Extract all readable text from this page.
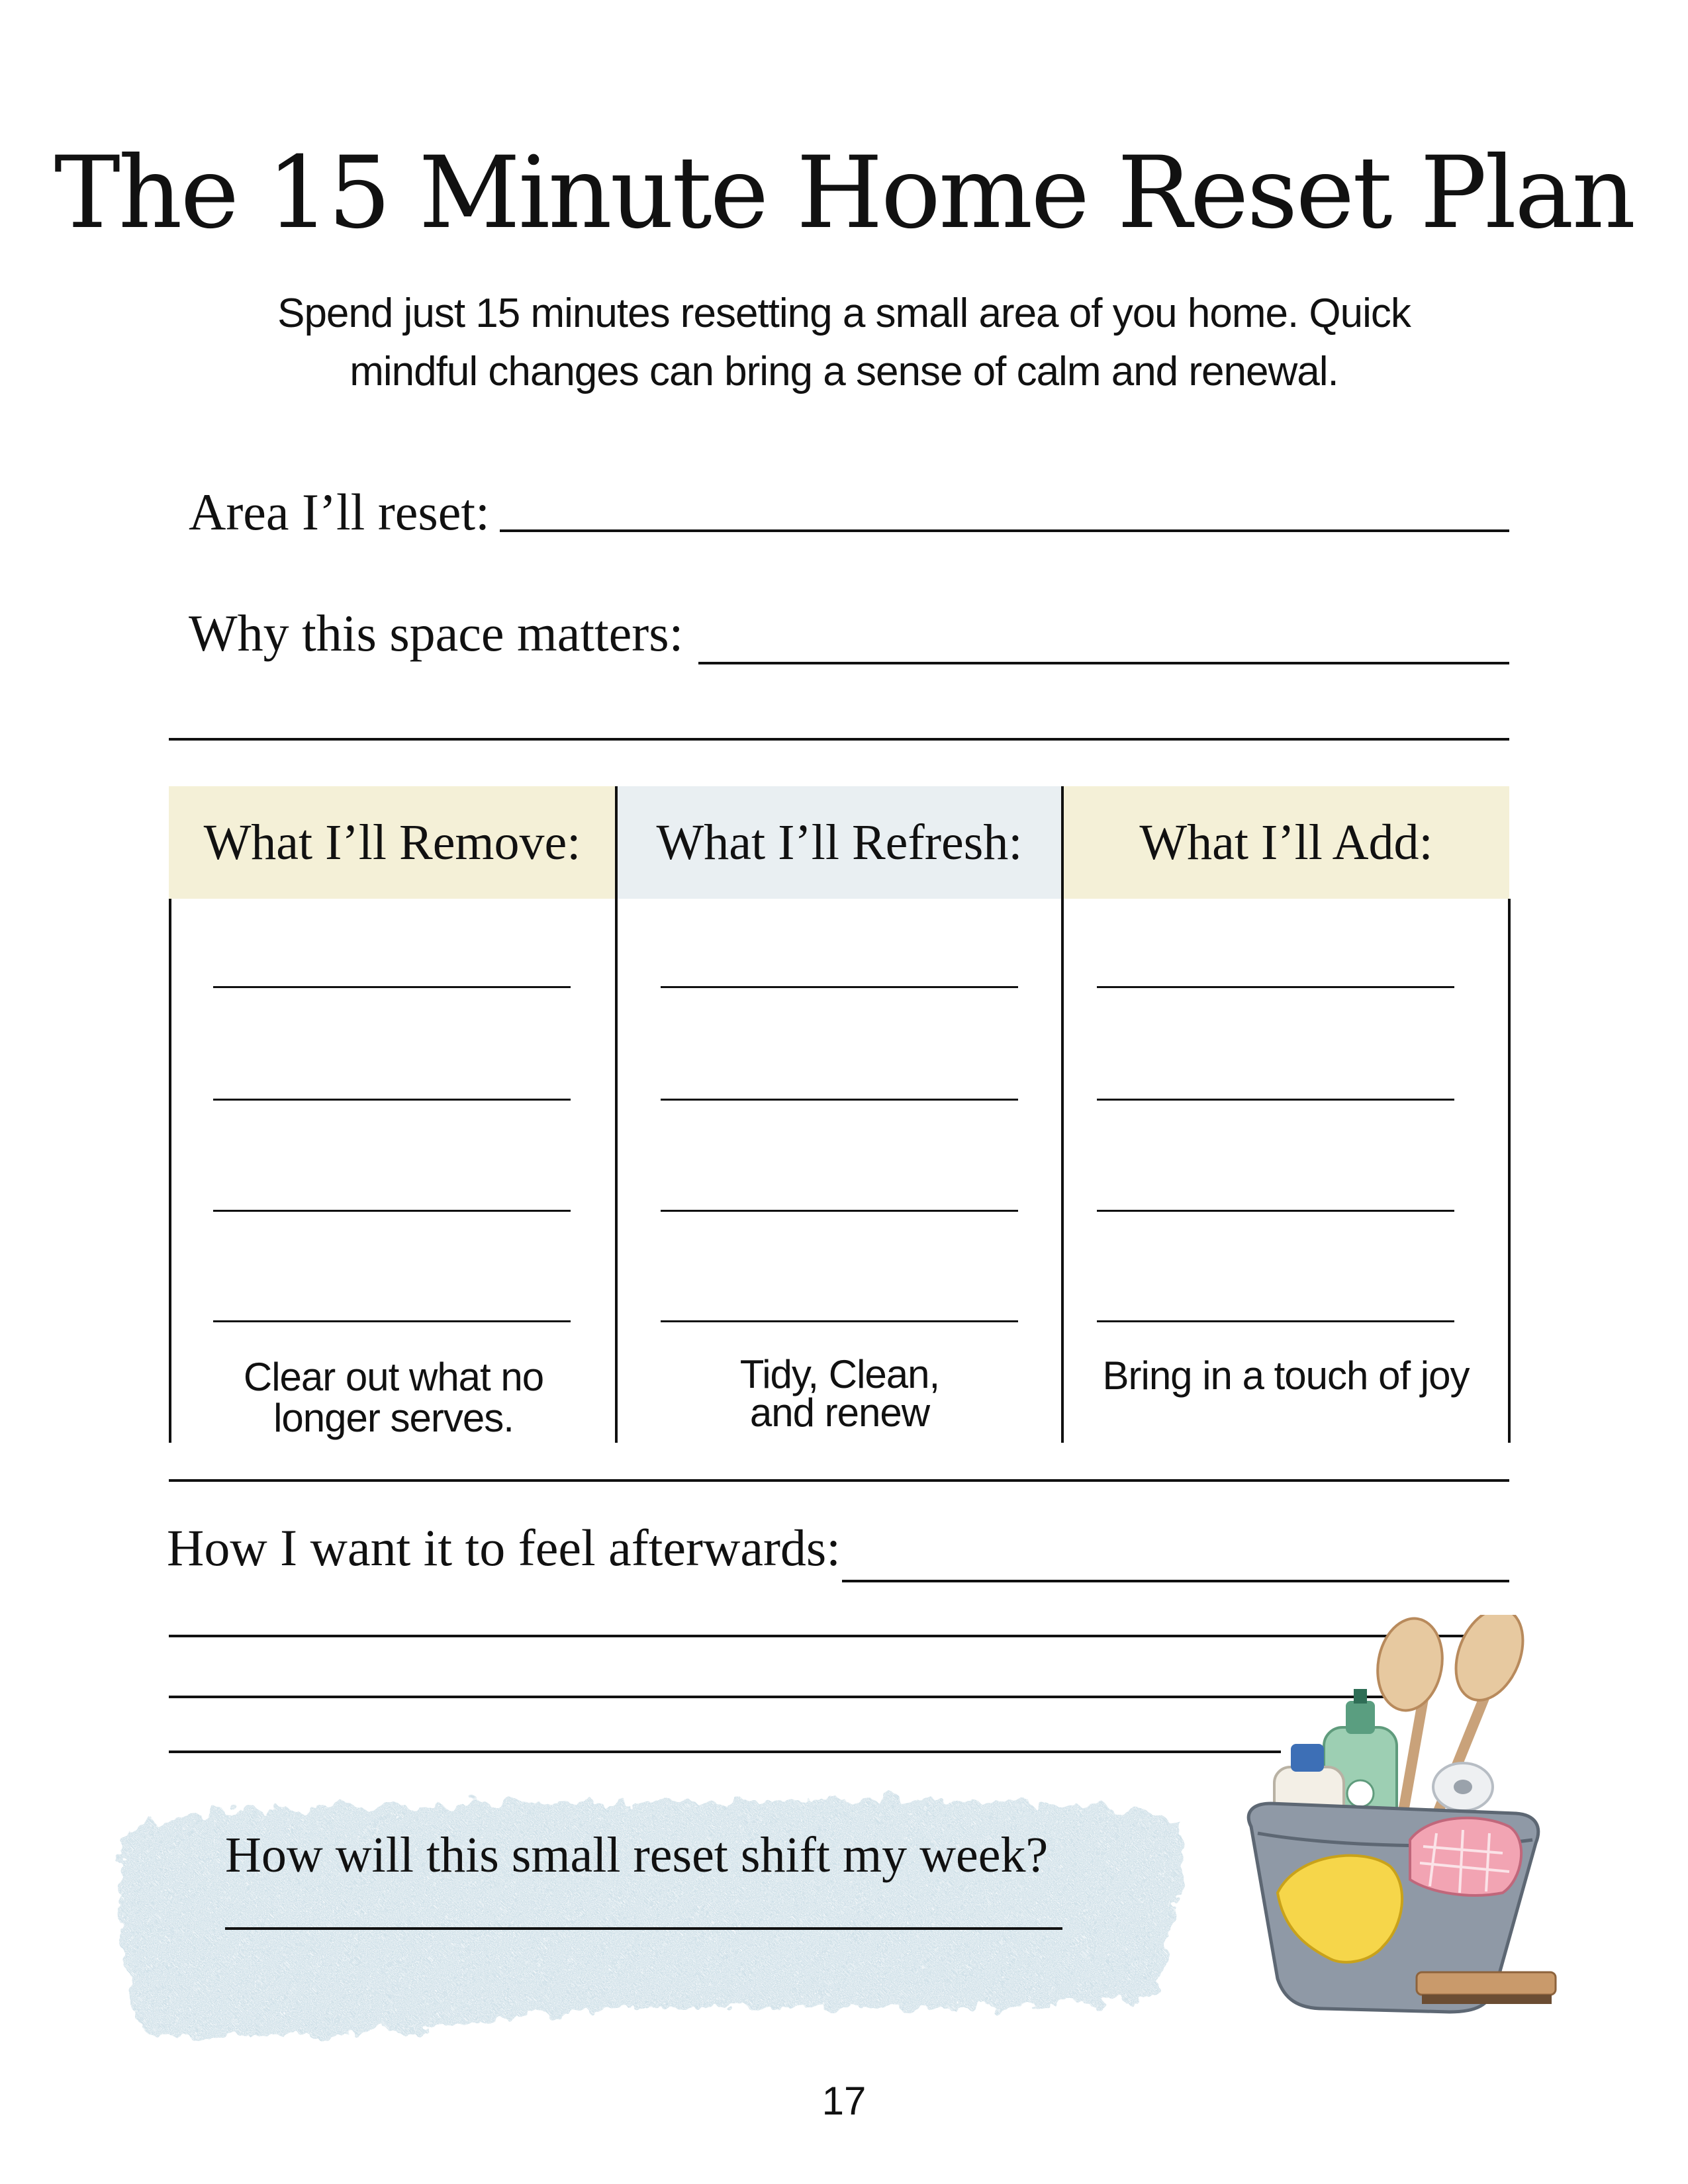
The 15 Minute Home Reset Plan
Spend just 15 minutes resetting a small area of you home. Quick
mindful changes can bring a sense of calm and renewal.
Area I’ll reset:
Why this space matters:
What I’ll Remove:	What I’ll Refresh:	What I’ll Add:
Clear out what no
longer serves.
Tidy, Clean,
and renew
Bring in a touch of joy
How I want it to feel afterwards:
How will this small reset shift my week?
17
